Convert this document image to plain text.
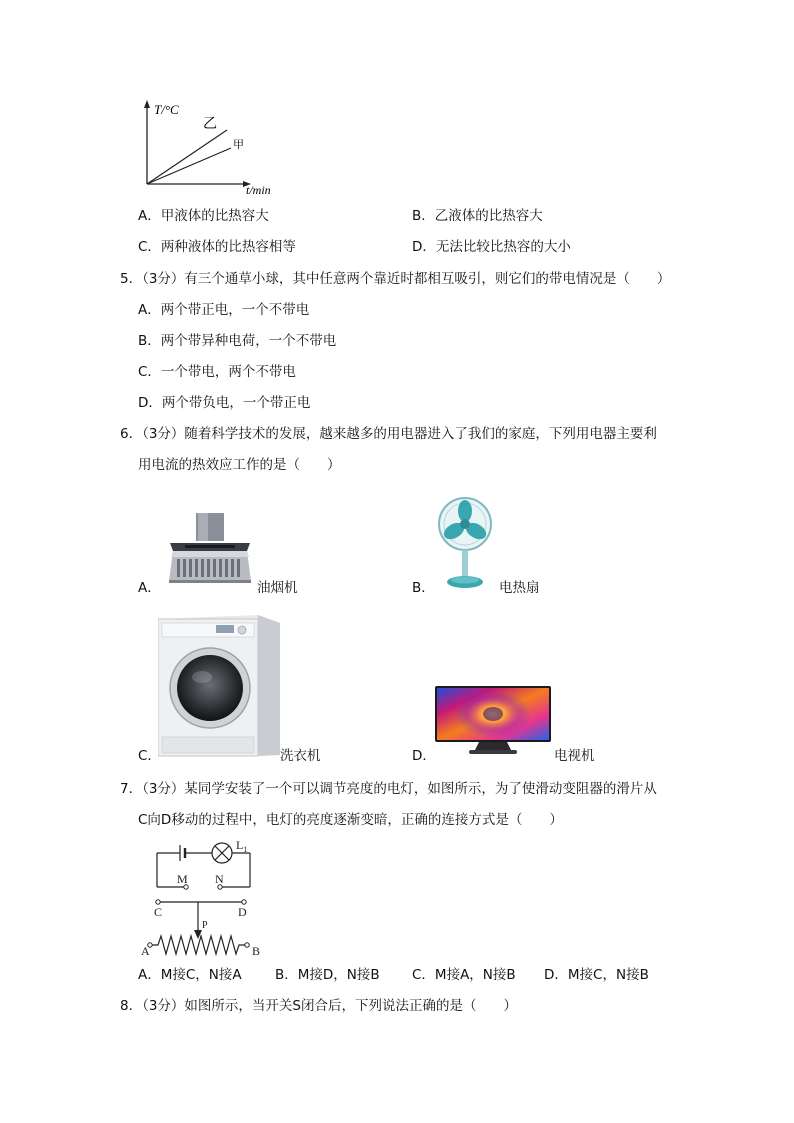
T/°C
t/min
乙
甲
A．甲液体的比热容大	B．乙液体的比热容大
C．两种液体的比热容相等	D．无法比较比热容的大小
5．（3分）有三个通草小球，其中任意两个靠近时都相互吸引，则它们的带电情况是（　　）
A．两个带正电，一个不带电
B．两个带异种电荷，一个不带电
C．一个带电，两个不带电
D．两个带负电，一个带正电
6．（3分）随着科学技术的发展，越来越多的用电器进入了我们的家庭，下列用电器主要利
用电流的热效应工作的是（　　）
A．	油烟机	B．	电热扇
C．	洗衣机	D．	电视机
7．（3分）某同学安装了一个可以调节亮度的电灯，如图所示，为了使滑动变阻器的滑片从
C向D移动的过程中，电灯的亮度逐渐变暗，正确的连接方式是（　　）
$L_1$
M N
C	D
P
A	B
A．M接C，N接A B．M接D，N接B C．M接A，N接B D．M接C，N接B
8．（3分）如图所示，当开关S闭合后，下列说法正确的是（　　）
